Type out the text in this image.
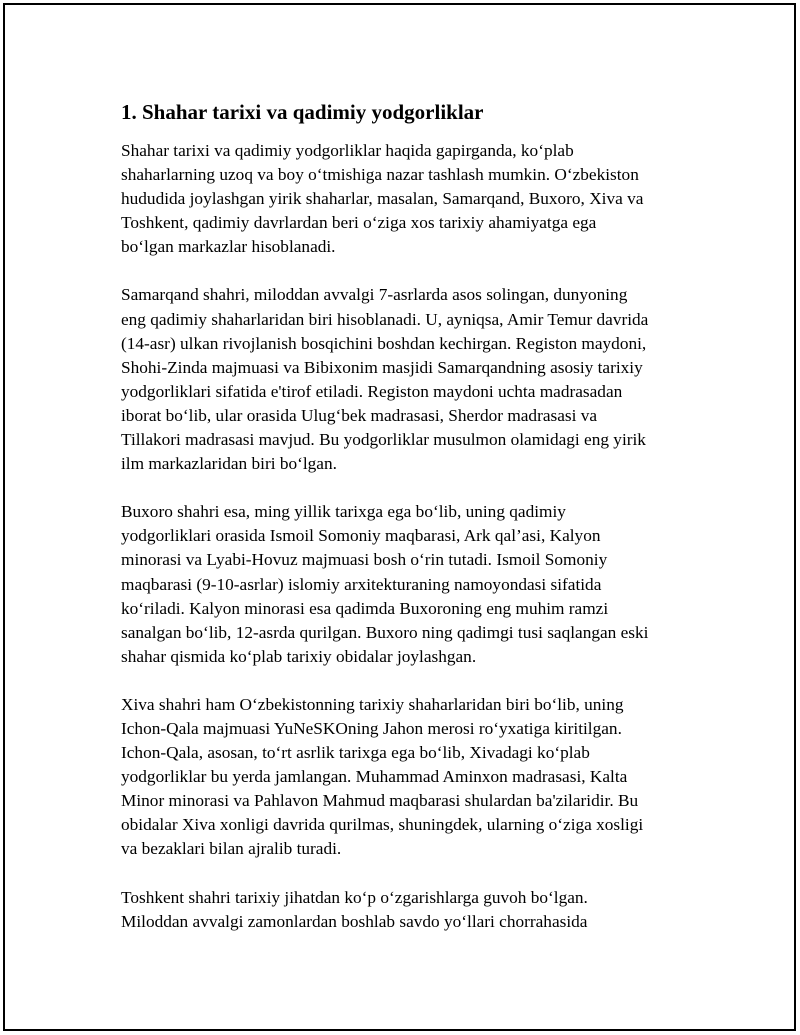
1. Shahar tarixi va qadimiy yodgorliklar

Shahar tarixi va qadimiy yodgorliklar haqida gapirganda, ko‘plab
shaharlarning uzoq va boy o‘tmishiga nazar tashlash mumkin. O‘zbekiston
hududida joylashgan yirik shaharlar, masalan, Samarqand, Buxoro, Xiva va
Toshkent, qadimiy davrlardan beri o‘ziga xos tarixiy ahamiyatga ega
bo‘lgan markazlar hisoblanadi.

Samarqand shahri, miloddan avvalgi 7-asrlarda asos solingan, dunyoning
eng qadimiy shaharlaridan biri hisoblanadi. U, ayniqsa, Amir Temur davrida
(14-asr) ulkan rivojlanish bosqichini boshdan kechirgan. Registon maydoni,
Shohi-Zinda majmuasi va Bibixonim masjidi Samarqandning asosiy tarixiy
yodgorliklari sifatida e'tirof etiladi. Registon maydoni uchta madrasadan
iborat bo‘lib, ular orasida Ulug‘bek madrasasi, Sherdor madrasasi va
Tillakori madrasasi mavjud. Bu yodgorliklar musulmon olamidagi eng yirik
ilm markazlaridan biri bo‘lgan.

Buxoro shahri esa, ming yillik tarixga ega bo‘lib, uning qadimiy
yodgorliklari orasida Ismoil Somoniy maqbarasi, Ark qal’asi, Kalyon
minorasi va Lyabi-Hovuz majmuasi bosh o‘rin tutadi. Ismoil Somoniy
maqbarasi (9-10-asrlar) islomiy arxitekturaning namoyondasi sifatida
ko‘riladi. Kalyon minorasi esa qadimda Buxoroning eng muhim ramzi
sanalgan bo‘lib, 12-asrda qurilgan. Buxoro ning qadimgi tusi saqlangan eski
shahar qismida ko‘plab tarixiy obidalar joylashgan.

Xiva shahri ham O‘zbekistonning tarixiy shaharlaridan biri bo‘lib, uning
Ichon-Qala majmuasi YuNeSKOning Jahon merosi ro‘yxatiga kiritilgan.
Ichon-Qala, asosan, to‘rt asrlik tarixga ega bo‘lib, Xivadagi ko‘plab
yodgorliklar bu yerda jamlangan. Muhammad Aminxon madrasasi, Kalta
Minor minorasi va Pahlavon Mahmud maqbarasi shulardan ba'zilaridir. Bu
obidalar Xiva xonligi davrida qurilmas, shuningdek, ularning o‘ziga xosligi
va bezaklari bilan ajralib turadi.

Toshkent shahri tarixiy jihatdan ko‘p o‘zgarishlarga guvoh bo‘lgan.
Miloddan avvalgi zamonlardan boshlab savdo yo‘llari chorrahasida
